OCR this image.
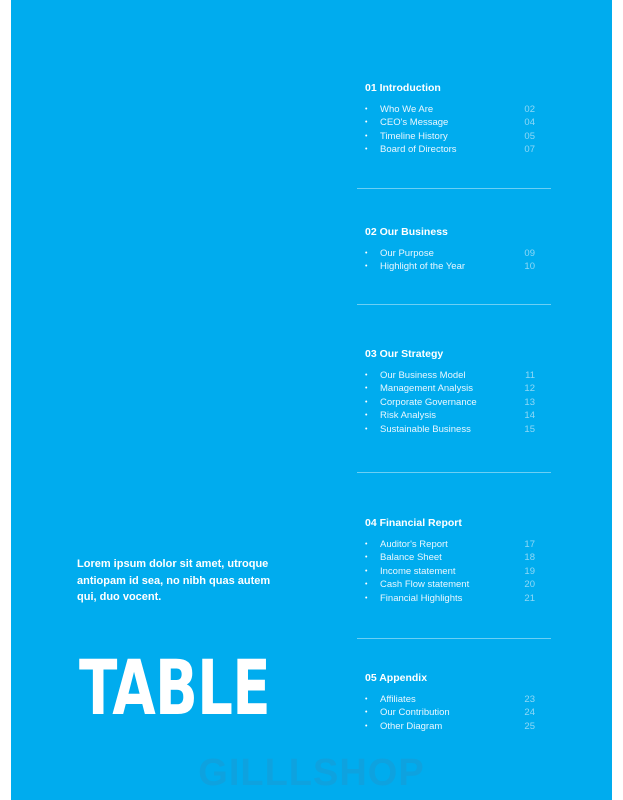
01 Introduction

• Who We Are	02
• CEO's Message	04
• Timeline History	05
• Board of Directors	07

02 Our Business

• Our Purpose	09
• Highlight of the Year	10

03 Our Strategy

• Our Business Model	11
• Management Analysis	12
• Corporate Governance	13
• Risk Analysis	14
• Sustainable Business	15

04 Financial Report

• Auditor's Report	17
• Balance Sheet	18
• Income statement	19
• Cash Flow statement	20
• Financial Highlights	21

05 Appendix

• Affiliates	23
• Our Contribution	24
• Other Diagram	25

Lorem ipsum dolor sit amet, utroque antiopam id sea, no nibh quas autem qui, duo vocent.

TABLE

GILLLSHOP
